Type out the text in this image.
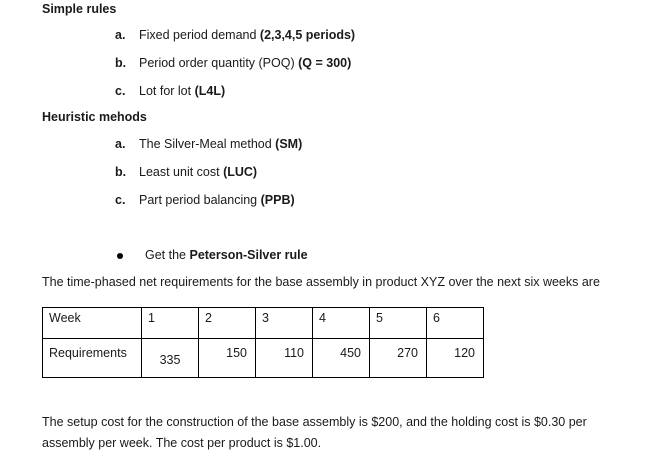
Simple rules
a. Fixed period demand (2,3,4,5 periods)
b. Period order quantity (POQ) (Q = 300)
c. Lot for lot (L4L)
Heuristic mehods
a. The Silver-Meal method (SM)
b. Least unit cost (LUC)
c. Part period balancing (PPB)
Get the Peterson-Silver rule
The time-phased net requirements for the base assembly in product XYZ over the next six weeks are
Week	1	2	3	4	5	6

Requirements	335	150	110	450	270	120
The setup cost for the construction of the base assembly is $200, and the holding cost is $0.30 per
assembly per week. The cost per product is $1.00.
